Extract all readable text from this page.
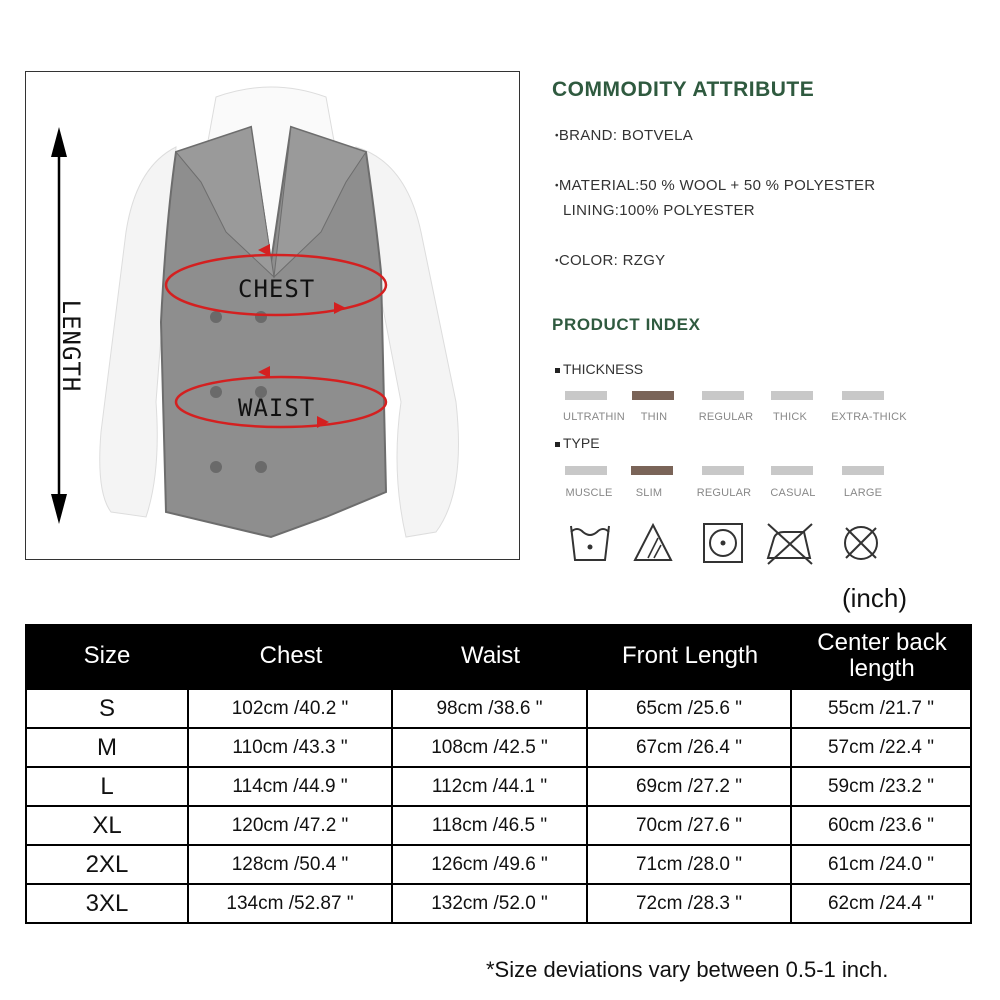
CHEST
WAIST
LENGTH
COMMODITY ATTRIBUTE
•BRAND: BOTVELA
•MATERIAL:50 % WOOL + 50 % POLYESTER
LINING:100% POLYESTER
•COLOR: RZGY
PRODUCT INDEX
THICKNESS
ULTRATHIN	THIN	REGULAR	THICK	EXTRA-THICK
TYPE
MUSCLE	SLIM	REGULAR	CASUAL	LARGE
(inch)
Size	Chest	Waist	Front Length	Center back
length
S	102cm /40.2 "	98cm /38.6 "	65cm /25.6 "	55cm /21.7 "
M	110cm /43.3 "	108cm /42.5 "	67cm /26.4 "	57cm /22.4 "
L	114cm /44.9 "	112cm /44.1 "	69cm /27.2 "	59cm /23.2 "
XL	120cm /47.2 "	118cm /46.5 "	70cm /27.6 "	60cm /23.6 "
2XL	128cm /50.4 "	126cm /49.6 "	71cm /28.0 "	61cm /24.0 "
3XL	134cm /52.87 "	132cm /52.0 "	72cm /28.3 "	62cm /24.4 "
*Size deviations vary between 0.5-1 inch.
